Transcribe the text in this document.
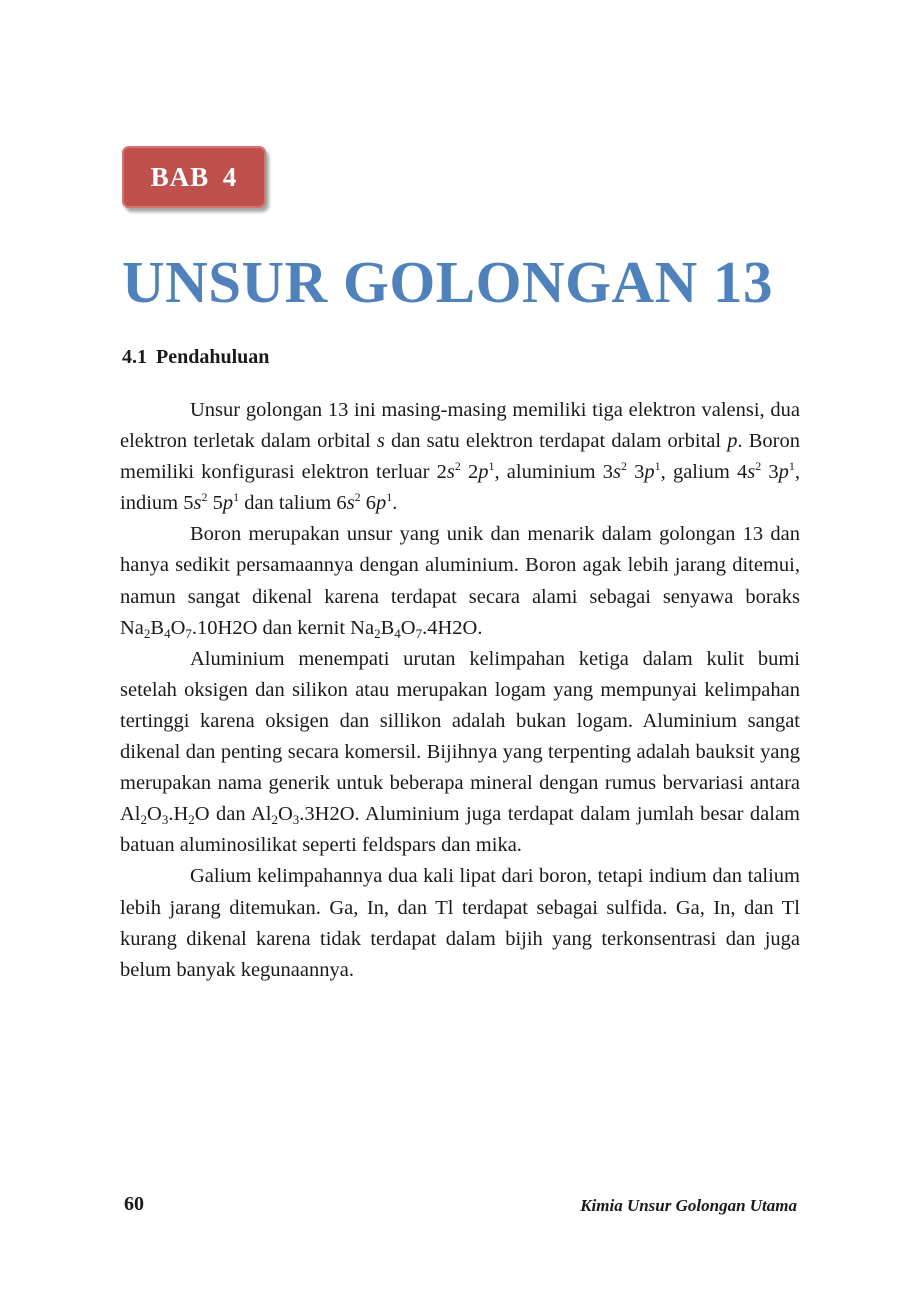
BAB 4
UNSUR GOLONGAN 13
4.1 Pendahuluan

Unsur golongan 13 ini masing-masing memiliki tiga elektron valensi, dua elektron terletak dalam orbital s dan satu elektron terdapat dalam orbital p. Boron memiliki konfigurasi elektron terluar $2s^2$ $2p^1$, aluminium $3s^2$ $3p^1$, galium $4s^2$ $3p^1$, indium $5s^2$ $5p^1$ dan talium $6s^2$ $6p^1$.

Boron merupakan unsur yang unik dan menarik dalam golongan 13 dan hanya sedikit persamaannya dengan aluminium. Boron agak lebih jarang ditemui, namun sangat dikenal karena terdapat secara alami sebagai senyawa boraks $Na_2B_4O_7.10H2O$ dan kernit $Na_2B_4O_7.4H2O$.

Aluminium menempati urutan kelimpahan ketiga dalam kulit bumi setelah oksigen dan silikon atau merupakan logam yang mempunyai kelimpahan tertinggi karena oksigen dan sillikon adalah bukan logam. Aluminium sangat dikenal dan penting secara komersil. Bijihnya yang terpenting adalah bauksit yang merupakan nama generik untuk beberapa mineral dengan rumus bervariasi antara $Al_2O_3.H_2O$ dan $Al_2O_3.3H2O$. Aluminium juga terdapat dalam jumlah besar dalam batuan aluminosilikat seperti feldspars dan mika.

Galium kelimpahannya dua kali lipat dari boron, tetapi indium dan talium lebih jarang ditemukan. Ga, In, dan Tl terdapat sebagai sulfida. Ga, In, dan Tl kurang dikenal karena tidak terdapat dalam bijih yang terkonsentrasi dan juga belum banyak kegunaannya.

60	Kimia Unsur Golongan Utama
